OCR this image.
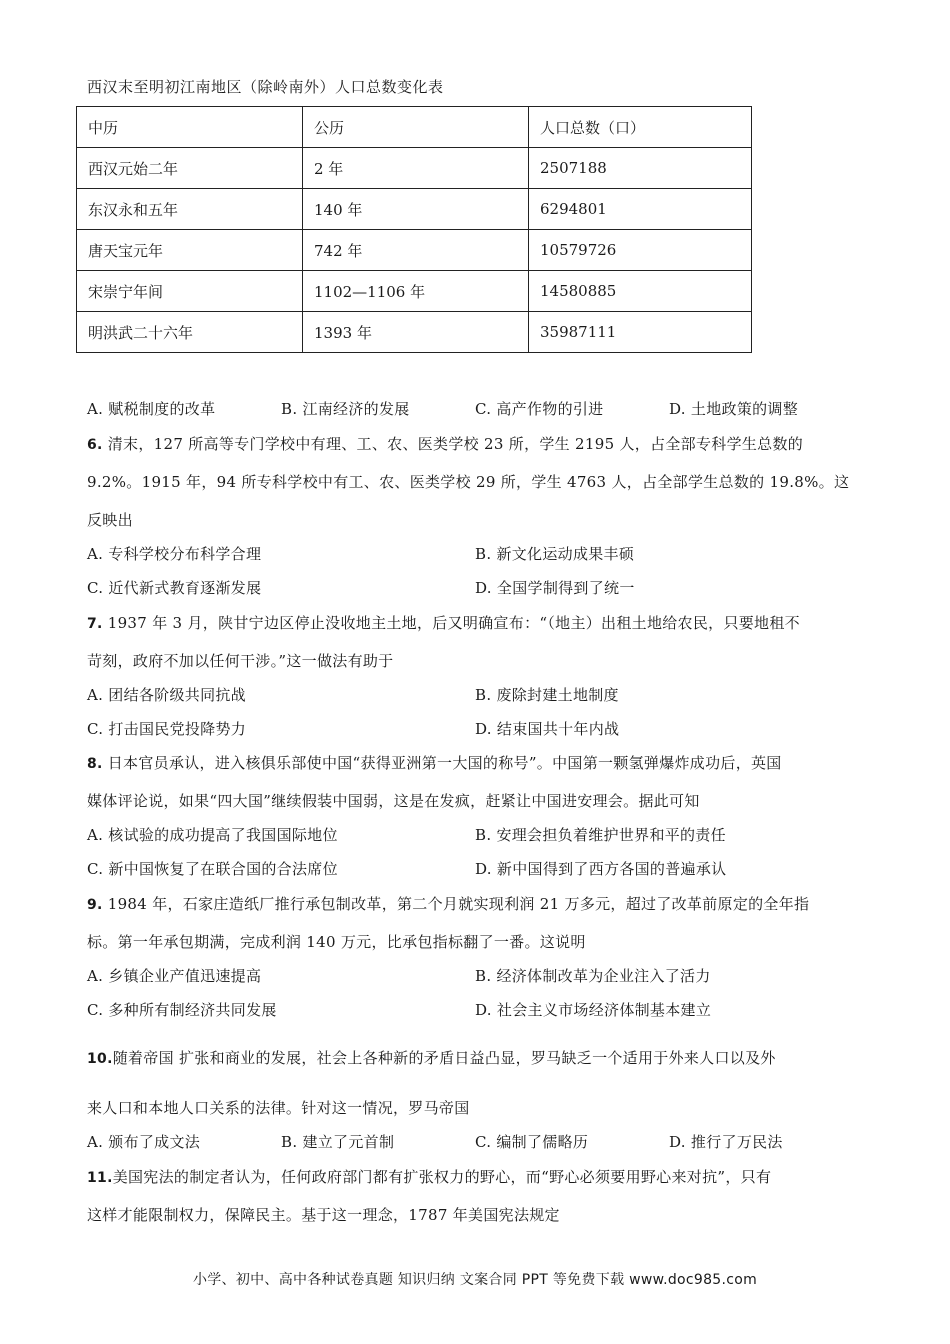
西汉末至明初江南地区（除岭南外）人口总数变化表
中历	公历	人口总数（口）
西汉元始二年	2 年	2507188
东汉永和五年	140 年	6294801
唐天宝元年	742 年	10579726
宋崇宁年间	1102—1106 年	14580885
明洪武二十六年	1393 年	35987111
A. 赋税制度的改革	B. 江南经济的发展	C. 高产作物的引进	D. 土地政策的调整
6. 清末，127 所高等专门学校中有理、工、农、医类学校 23 所，学生 2195 人，占全部专科学生总数的
9.2%。1915 年，94 所专科学校中有工、农、医类学校 29 所，学生 4763 人，占全部学生总数的 19.8%。这
反映出
A. 专科学校分布科学合理	B. 新文化运动成果丰硕
C. 近代新式教育逐渐发展	D. 全国学制得到了统一
7. 1937 年 3 月，陕甘宁边区停止没收地主土地，后又明确宣布：“（地主）出租土地给农民，只要地租不
苛刻，政府不加以任何干涉。”这一做法有助于
A. 团结各阶级共同抗战	B. 废除封建土地制度
C. 打击国民党投降势力	D. 结束国共十年内战
8. 日本官员承认，进入核俱乐部使中国“获得亚洲第一大国的称号”。中国第一颗氢弹爆炸成功后，英国
媒体评论说，如果“四大国”继续假装中国弱，这是在发疯，赶紧让中国进安理会。据此可知
A. 核试验的成功提高了我国国际地位	B. 安理会担负着维护世界和平的责任
C. 新中国恢复了在联合国的合法席位	D. 新中国得到了西方各国的普遍承认
9. 1984 年，石家庄造纸厂推行承包制改革，第二个月就实现利润 21 万多元，超过了改革前原定的全年指
标。第一年承包期满，完成利润 140 万元，比承包指标翻了一番。这说明
A. 乡镇企业产值迅速提高	B. 经济体制改革为企业注入了活力
C. 多种所有制经济共同发展	D. 社会主义市场经济体制基本建立
10.随着帝国 扩张和商业的发展，社会上各种新的矛盾日益凸显，罗马缺乏一个适用于外来人口以及外
来人口和本地人口关系的法律。针对这一情况，罗马帝国
A. 颁布了成文法	B. 建立了元首制	C. 编制了儒略历	D. 推行了万民法
11.美国宪法的制定者认为，任何政府部门都有扩张权力的野心，而“野心必须要用野心来对抗”，只有
这样才能限制权力，保障民主。基于这一理念，1787 年美国宪法规定
小学、初中、高中各种试卷真题 知识归纳 文案合同 PPT 等免费下载 www.doc985.com
